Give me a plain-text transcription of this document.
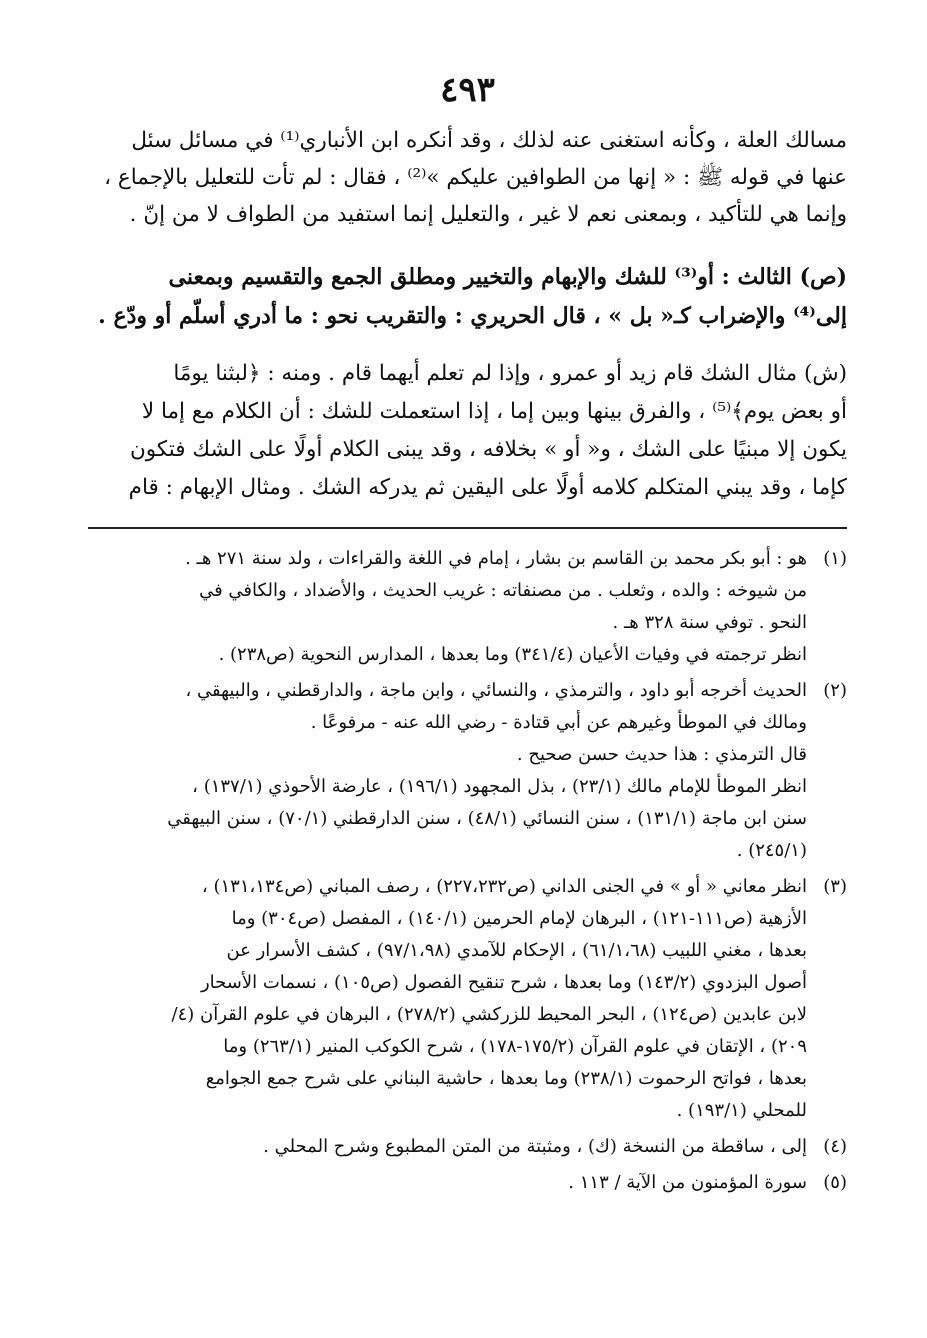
٤٩٣
مسالك العلة ، وكأنه استغنى عنه لذلك ، وقد أنكره ابن الأنباري⁽¹⁾ في مسائل سئل
عنها في قوله ﷺ : « إنها من الطوافين عليكم »⁽²⁾ ، فقال : لم تأت للتعليل بالإجماع ،
وإنما هي للتأكيد ، وبمعنى نعم لا غير ، والتعليل إنما استفيد من الطواف لا من إنّ .
(ص) الثالث : أو⁽³⁾ للشك والإبهام والتخيير ومطلق الجمع والتقسيم وبمعنى
إلى⁽⁴⁾ والإضراب كـ« بل » ، قال الحريري : والتقريب نحو : ما أدري أسلّم أو ودّع .
(ش) مثال الشك قام زيد أو عمرو ، وإذا لم تعلم أيهما قام . ومنه : ﴿لبثنا يومًا
أو بعض يوم﴾⁽⁵⁾ ، والفرق بينها وبين إما ، إذا استعملت للشك : أن الكلام مع إما لا
يكون إلا مبنيًا على الشك ، و« أو » بخلافه ، وقد يبنى الكلام أولًا على الشك فتكون
كإما ، وقد يبني المتكلم كلامه أولًا على اليقين ثم يدركه الشك . ومثال الإبهام : قام
(١)
هو : أبو بكر محمد بن القاسم بن بشار ، إمام في اللغة والقراءات ، ولد سنة ٢٧١ هـ .
من شيوخه : والده ، وثعلب . من مصنفاته : غريب الحديث ، والأضداد ، والكافي في
النحو . توفي سنة ٣٢٨ هـ .
انظر ترجمته في وفيات الأعيان (٣٤١/٤) وما بعدها ، المدارس النحوية (ص٢٣٨) .
(٢)
الحديث أخرجه أبو داود ، والترمذي ، والنسائي ، وابن ماجة ، والدارقطني ، والبيهقي ،
ومالك في الموطأ وغيرهم عن أبي قتادة - رضي الله عنه - مرفوعًا .
قال الترمذي : هذا حديث حسن صحيح .
انظر الموطأ للإمام مالك (٢٣/١) ، بذل المجهود (١٩٦/١) ، عارضة الأحوذي (١٣٧/١) ،
سنن ابن ماجة (١٣١/١) ، سنن النسائي (٤٨/١) ، سنن الدارقطني (٧٠/١) ، سنن البيهقي
(٢٤٥/١) .
(٣)
انظر معاني « أو » في الجنى الداني (ص٢٢٧،٢٣٢) ، رصف المباني (ص١٣١،١٣٤) ،
الأزهية (ص١١١-١٢١) ، البرهان لإمام الحرمين (١٤٠/١) ، المفصل (ص٣٠٤) وما
بعدها ، مغني اللبيب (٦١/١،٦٨) ، الإحكام للآمدي (٩٧/١،٩٨) ، كشف الأسرار عن
أصول البزدوي (١٤٣/٢) وما بعدها ، شرح تنقيح الفصول (ص١٠٥) ، نسمات الأسحار
لابن عابدين (ص١٢٤) ، البحر المحيط للزركشي (٢٧٨/٢) ، البرهان في علوم القرآن (٤/
٢٠٩) ، الإتقان في علوم القرآن (١٧٥/٢-١٧٨) ، شرح الكوكب المنير (٢٦٣/١) وما
بعدها ، فواتح الرحموت (٢٣٨/١) وما بعدها ، حاشية البناني على شرح جمع الجوامع
للمحلي (١٩٣/١) .
(٤)
إلى ، ساقطة من النسخة (ك) ، ومثبتة من المتن المطبوع وشرح المحلي .
(٥)
سورة المؤمنون من الآية / ١١٣ .
